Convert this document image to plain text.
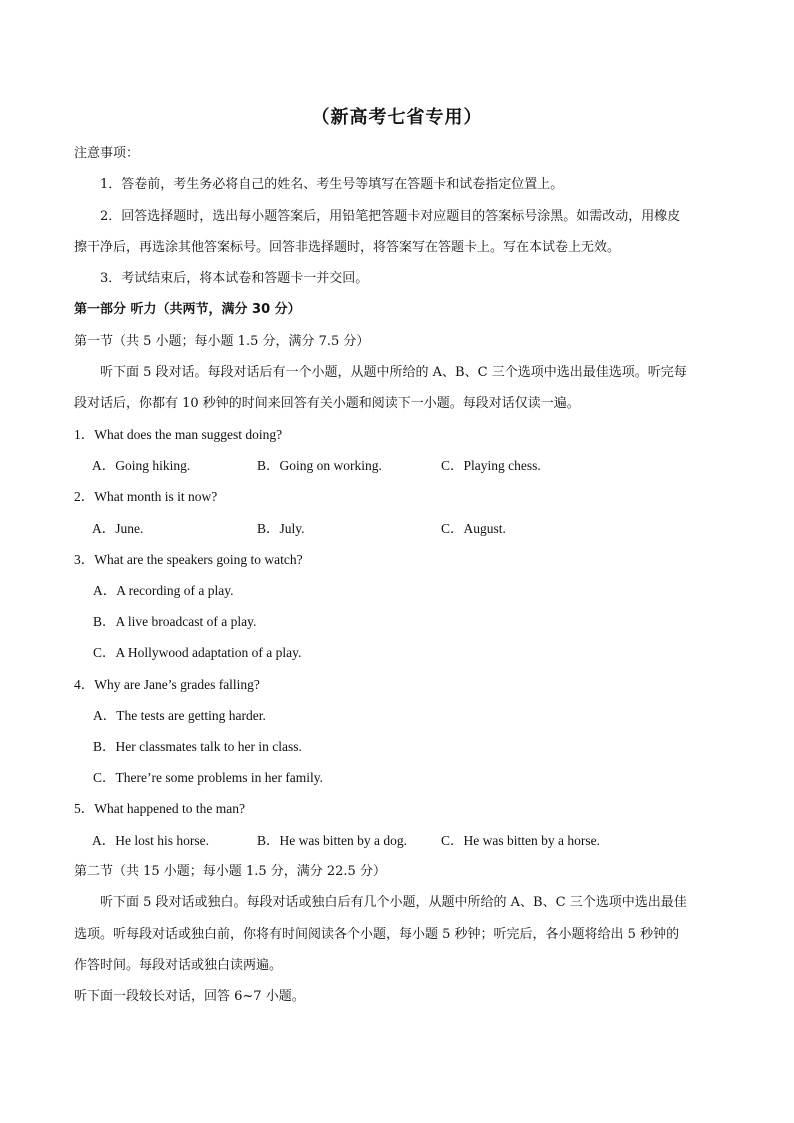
（新高考七省专用）
注意事项：
1．答卷前，考生务必将自己的姓名、考生号等填写在答题卡和试卷指定位置上。
2．回答选择题时，选出每小题答案后，用铅笔把答题卡对应题目的答案标号涂黑。如需改动，用橡皮
擦干净后，再选涂其他答案标号。回答非选择题时，将答案写在答题卡上。写在本试卷上无效。
3．考试结束后，将本试卷和答题卡一并交回。
第一部分 听力（共两节，满分 30 分）
第一节（共 5 小题；每小题 1.5 分，满分 7.5 分）
听下面 5 段对话。每段对话后有一个小题，从题中所给的 A、B、C 三个选项中选出最佳选项。听完每
段对话后，你都有 10 秒钟的时间来回答有关小题和阅读下一小题。每段对话仅读一遍。
1．What does the man suggest doing?
A．Going hiking.	B．Going on working.	C．Playing chess.
2．What month is it now?
A．June.	B．July.	C．August.
3．What are the speakers going to watch?
A．A recording of a play.
B．A live broadcast of a play.
C．A Hollywood adaptation of a play.
4．Why are Jane’s grades falling?
A．The tests are getting harder.
B．Her classmates talk to her in class.
C．There’re some problems in her family.
5．What happened to the man?
A．He lost his horse.	B．He was bitten by a dog.	C．He was bitten by a horse.
第二节（共 15 小题；每小题 1.5 分，满分 22.5 分）
听下面 5 段对话或独白。每段对话或独白后有几个小题，从题中所给的 A、B、C 三个选项中选出最佳
选项。听每段对话或独白前，你将有时间阅读各个小题，每小题 5 秒钟；听完后，各小题将给出 5 秒钟的
作答时间。每段对话或独白读两遍。
听下面一段较长对话，回答 6~7 小题。
